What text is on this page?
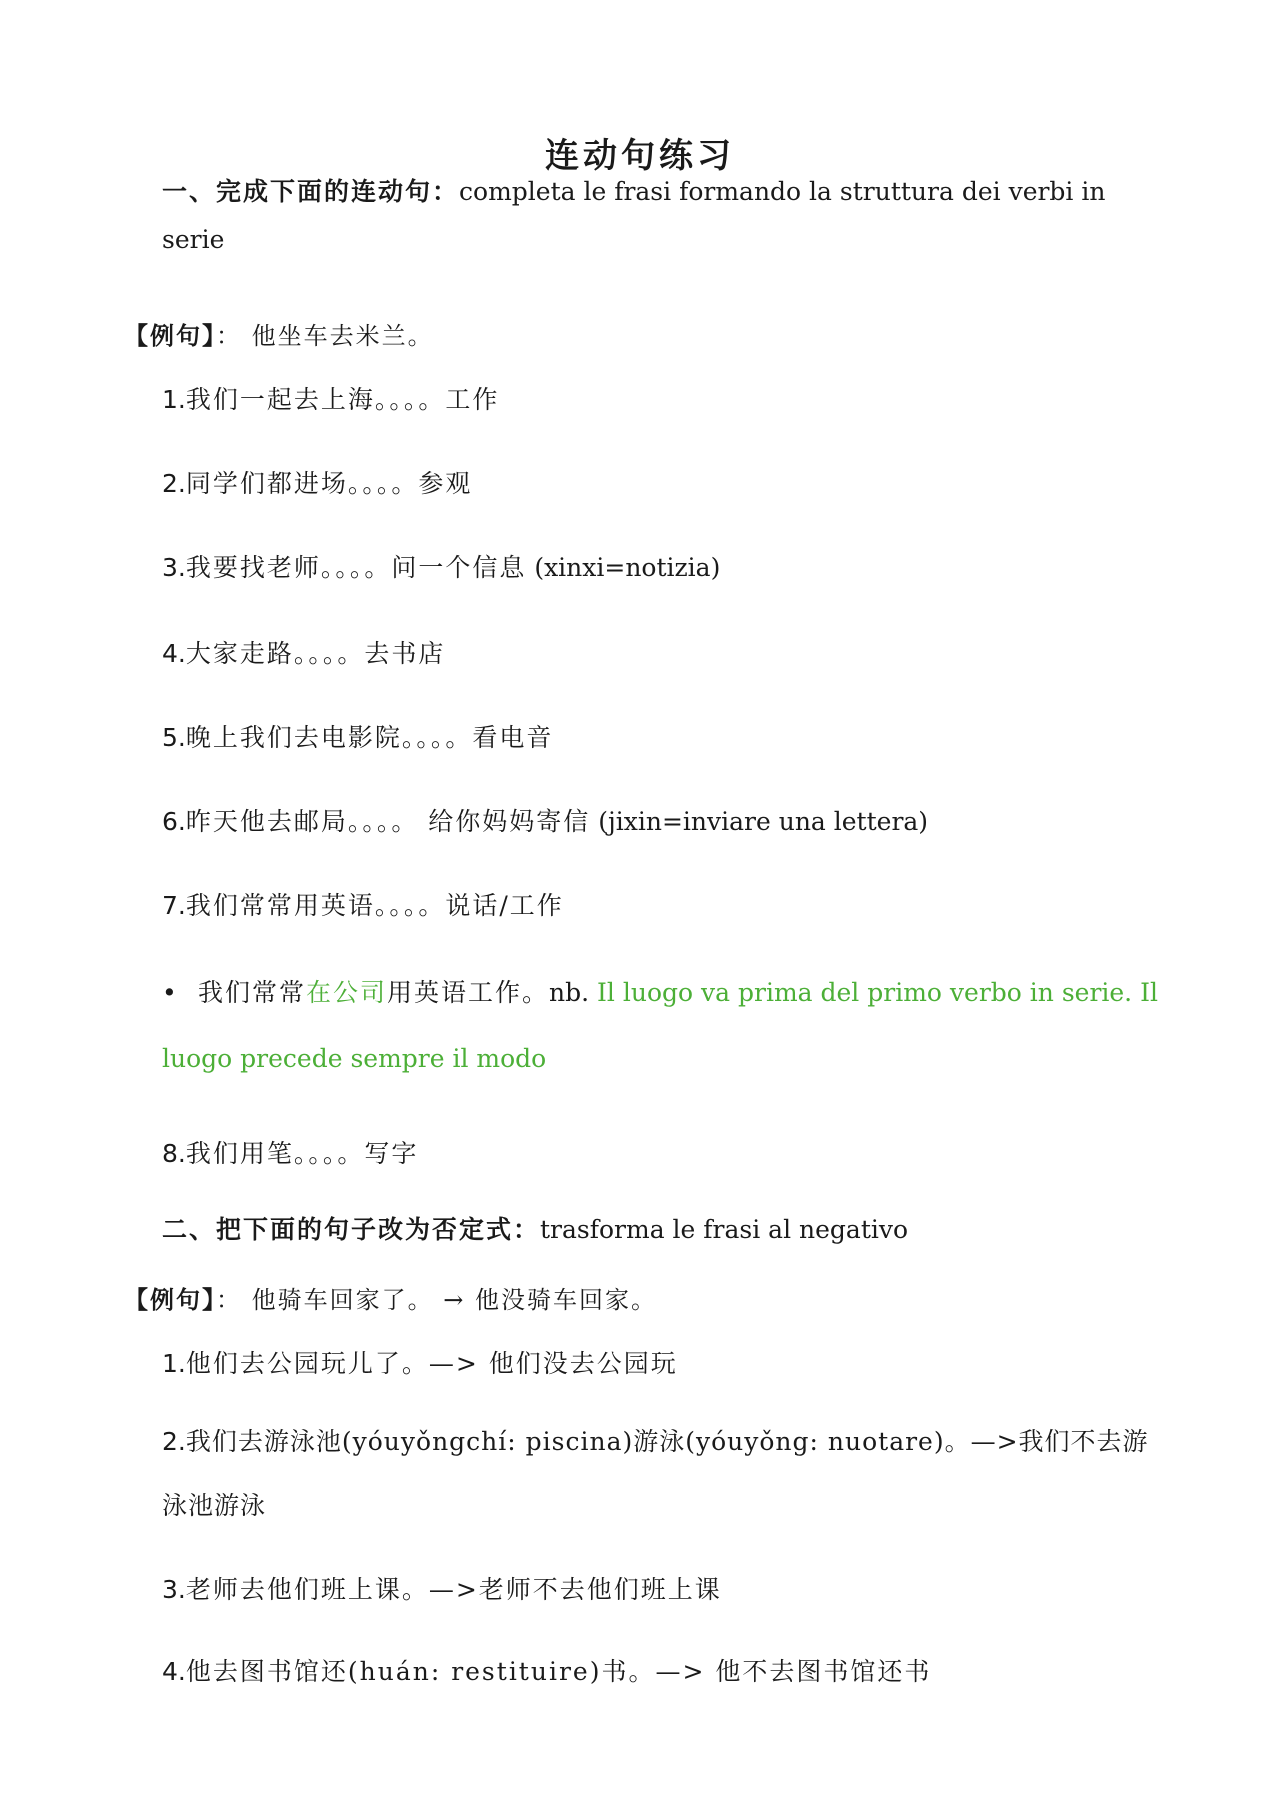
连动句练习
一、完成下面的连动句：completa le frasi formando la struttura dei verbi in serie
【例句】： 他坐车去米兰。
1.我们一起去上海。。。。工作
2.同学们都进场。。。。参观
3.我要找老师。。。。问一个信息 (xinxi=notizia)
4.大家走路。。。。去书店
5.晚上我们去电影院。。。。看电音
6.昨天他去邮局。。。。 给你妈妈寄信 (jixin=inviare una lettera)
7.我们常常用英语。。。。说话/工作
• 我们常常在公司用英语工作。nb. Il luogo va prima del primo verbo in serie. Il luogo precede sempre il modo
8.我们用笔。。。。写字
二、把下面的句子改为否定式：trasforma le frasi al negativo
【例句】： 他骑车回家了。 → 他没骑车回家。
1.他们去公园玩儿了。—> 他们没去公园玩
2.我们去游泳池(yóuyǒngchí: piscina)游泳(yóuyǒng: nuotare)。—>我们不去游泳池游泳
3.老师去他们班上课。—>老师不去他们班上课
4.他去图书馆还(huán: restituire)书。—> 他不去图书馆还书
